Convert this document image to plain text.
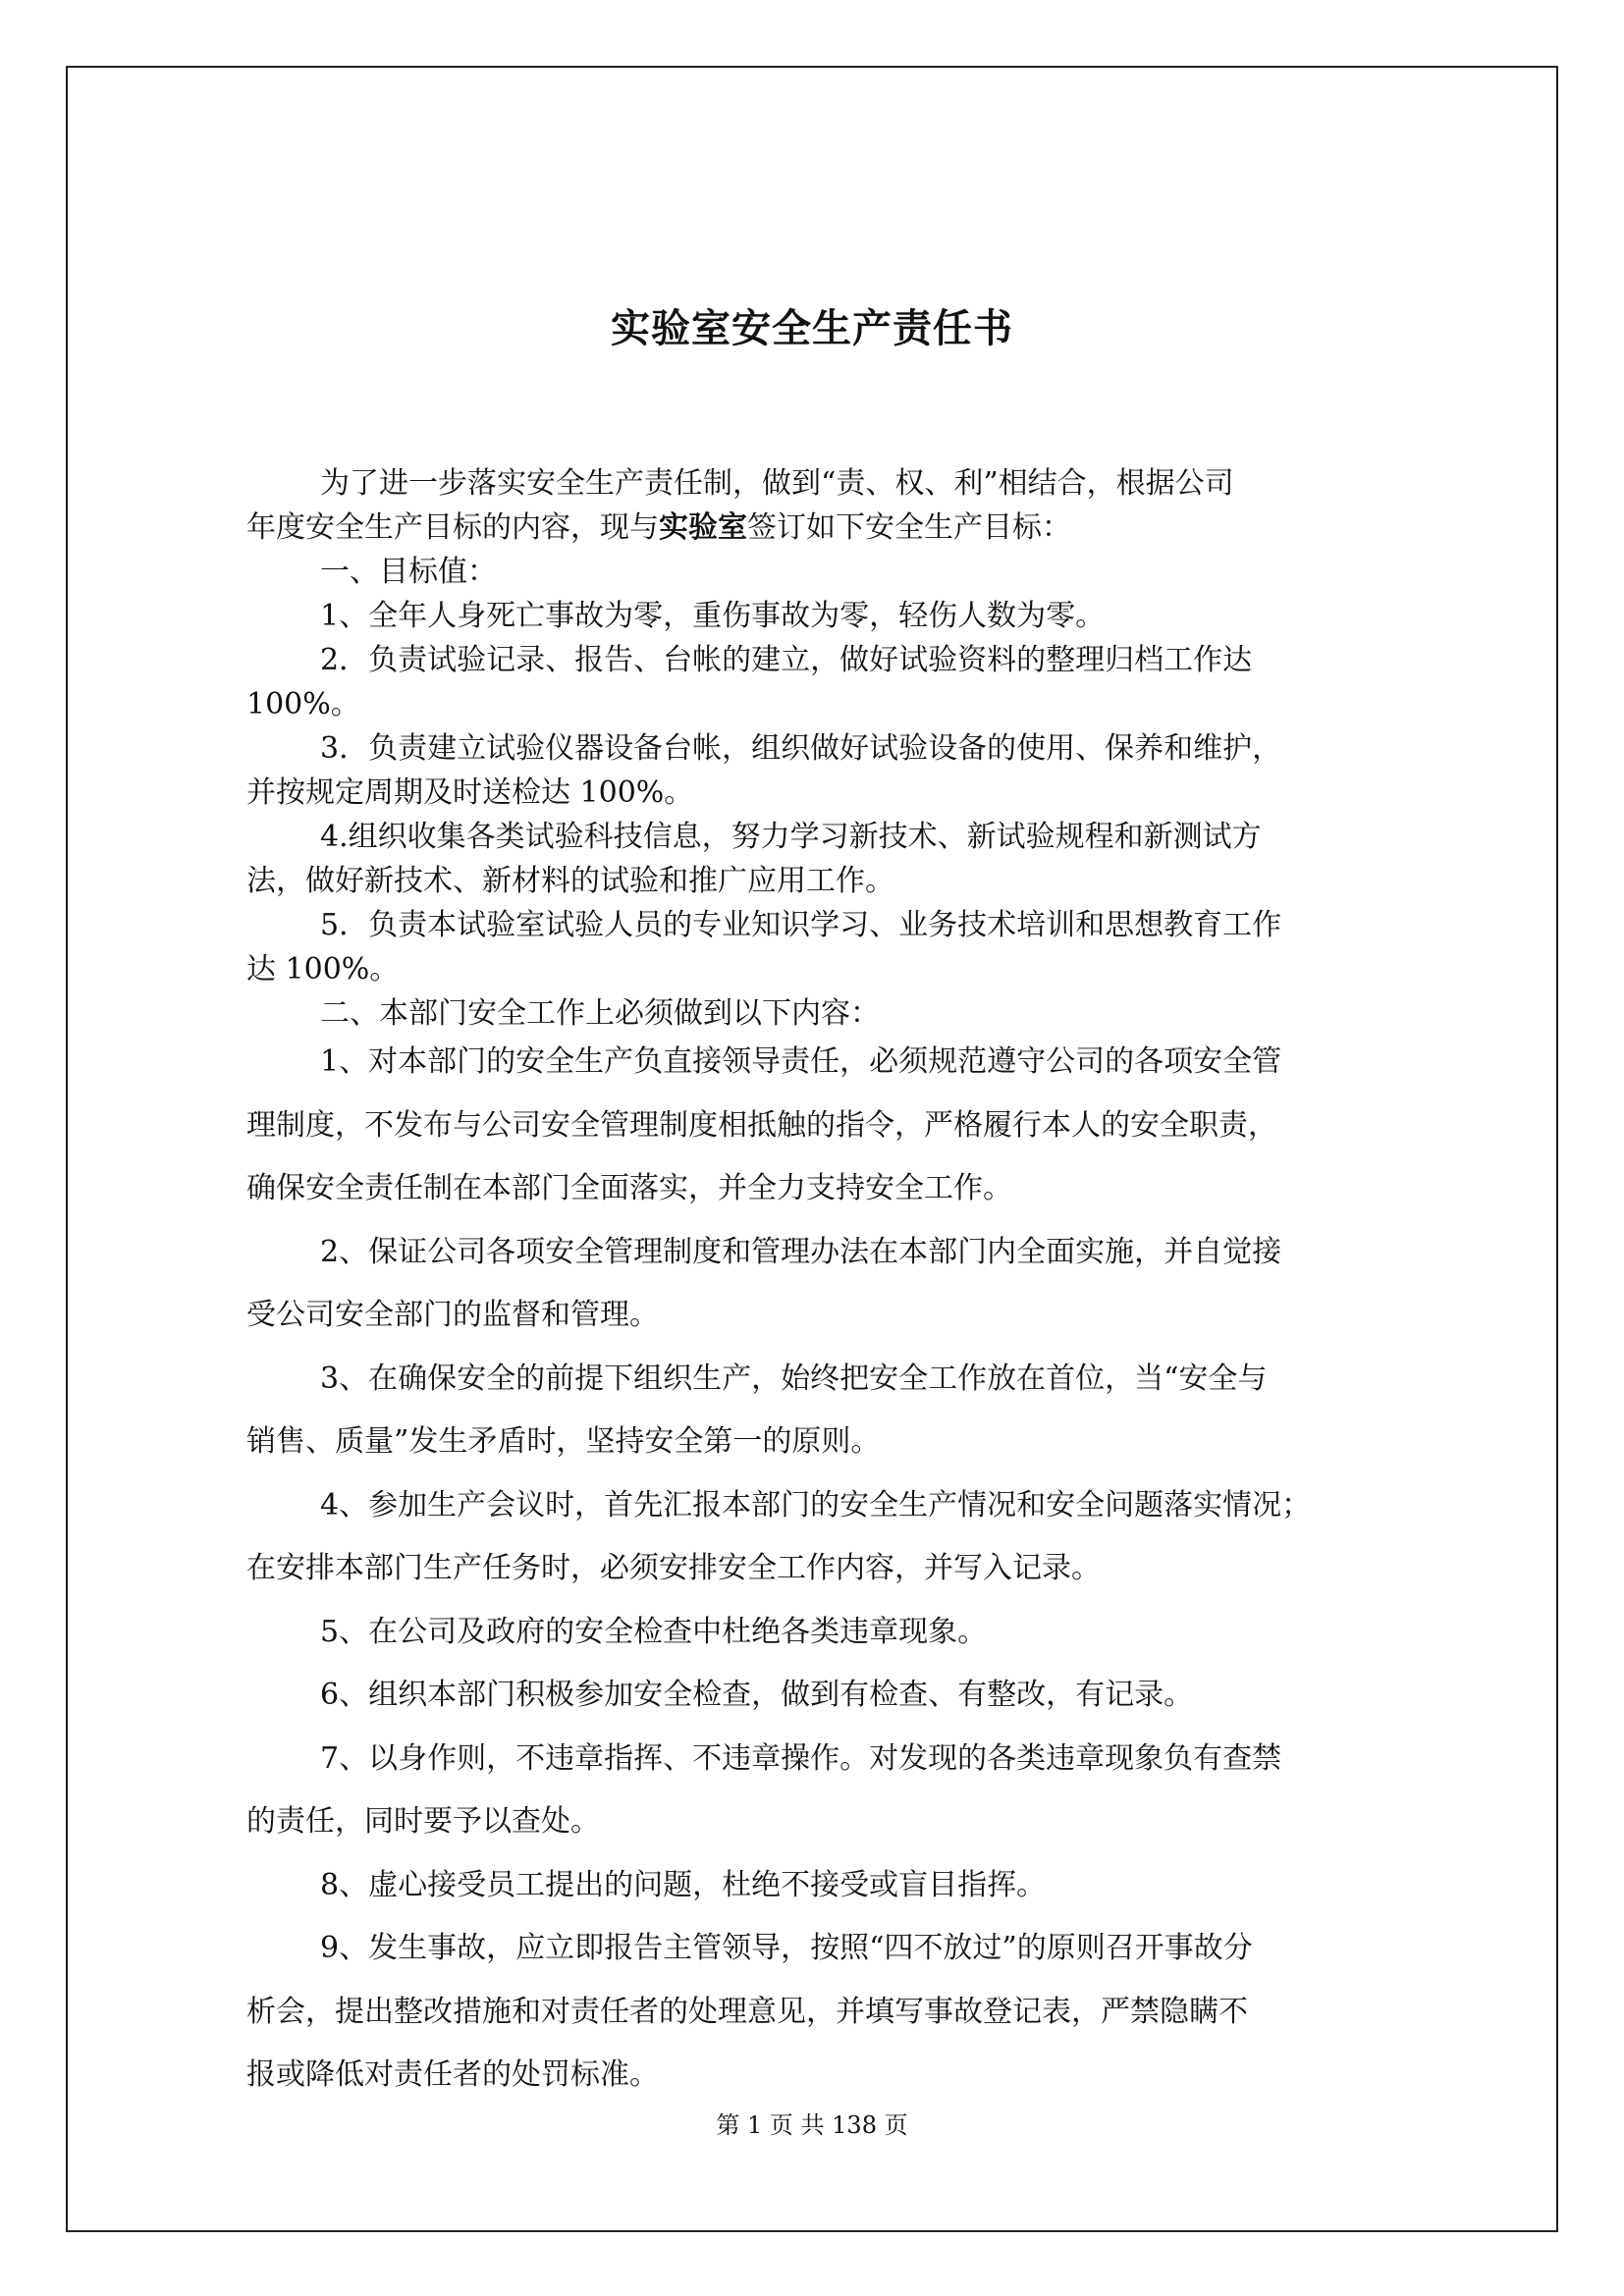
实验室安全生产责任书

为了进一步落实安全生产责任制，做到“责、权、利”相结合，根据公司

年度安全生产目标的内容，现与实验室签订如下安全生产目标：

一、目标值：

1、全年人身死亡事故为零，重伤事故为零，轻伤人数为零。

2．负责试验记录、报告、台帐的建立，做好试验资料的整理归档工作达

100%。

3．负责建立试验仪器设备台帐，组织做好试验设备的使用、保养和维护，

并按规定周期及时送检达 100%。

4.组织收集各类试验科技信息，努力学习新技术、新试验规程和新测试方

法，做好新技术、新材料的试验和推广应用工作。

5．负责本试验室试验人员的专业知识学习、业务技术培训和思想教育工作

达 100%。

二、本部门安全工作上必须做到以下内容：

1、对本部门的安全生产负直接领导责任，必须规范遵守公司的各项安全管

理制度，不发布与公司安全管理制度相抵触的指令，严格履行本人的安全职责，

确保安全责任制在本部门全面落实，并全力支持安全工作。

2、保证公司各项安全管理制度和管理办法在本部门内全面实施，并自觉接

受公司安全部门的监督和管理。

3、在确保安全的前提下组织生产，始终把安全工作放在首位，当“安全与

销售、质量”发生矛盾时，坚持安全第一的原则。

4、参加生产会议时，首先汇报本部门的安全生产情况和安全问题落实情况；

在安排本部门生产任务时，必须安排安全工作内容，并写入记录。

5、在公司及政府的安全检查中杜绝各类违章现象。

6、组织本部门积极参加安全检查，做到有检查、有整改，有记录。

7、以身作则，不违章指挥、不违章操作。对发现的各类违章现象负有查禁

的责任，同时要予以查处。

8、虚心接受员工提出的问题，杜绝不接受或盲目指挥。

9、发生事故，应立即报告主管领导，按照“四不放过”的原则召开事故分

析会，提出整改措施和对责任者的处理意见，并填写事故登记表，严禁隐瞒不

报或降低对责任者的处罚标准。

第 1 页 共 138 页
